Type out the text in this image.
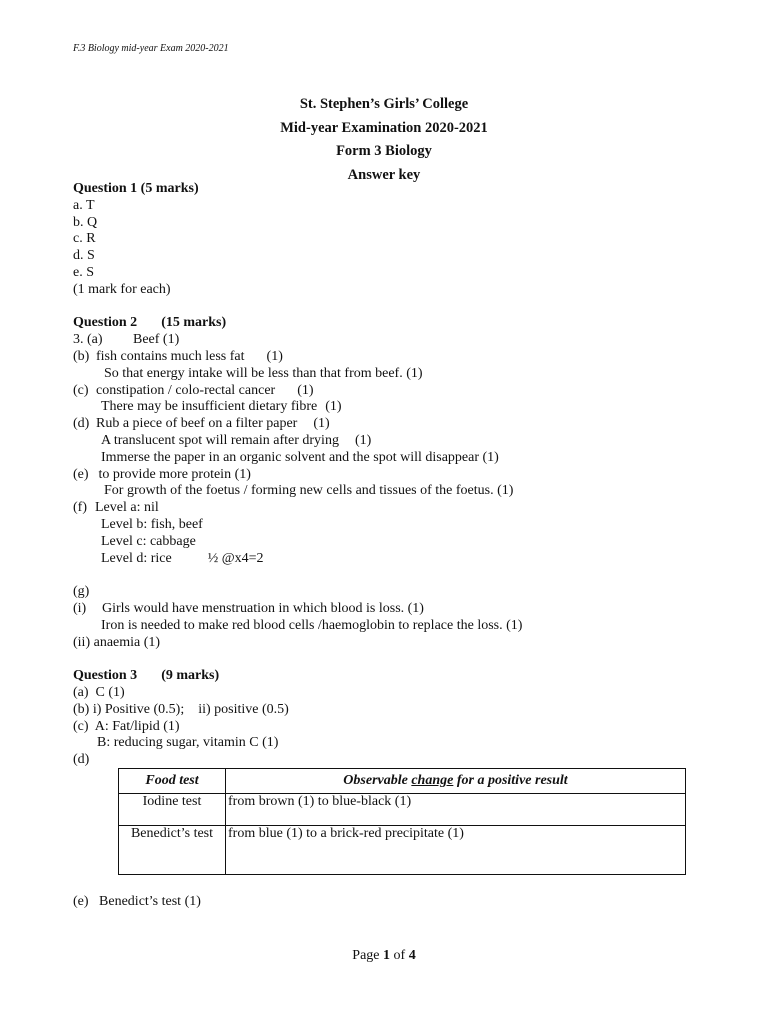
F.3 Biology mid-year Exam 2020-2021
St. Stephen’s Girls’ College
Mid-year Examination 2020-2021
Form 3 Biology
Answer key
Question 1 (5 marks)
a. T
b. Q
c. R
d. S
e. S
(1 mark for each)
Question 2 (15 marks)
3. (a) Beef (1)
(b) fish contains much less fat (1)
So that energy intake will be less than that from beef. (1)
(c) constipation / colo-rectal cancer (1)
There may be insufficient dietary fibre (1)
(d) Rub a piece of beef on a filter paper (1)
A translucent spot will remain after drying (1)
Immerse the paper in an organic solvent and the spot will disappear (1)
(e) to provide more protein (1)
For growth of the foetus / forming new cells and tissues of the foetus. (1)
(f) Level a: nil
Level b: fish, beef
Level c: cabbage
Level d: rice	½ @x4=2
(g)
(i) Girls would have menstruation in which blood is loss. (1)
Iron is needed to make red blood cells /haemoglobin to replace the loss. (1)
(ii) anaemia (1)
Question 3 (9 marks)
(a)  C (1)
(b) i) Positive (0.5);    ii) positive (0.5)
(c)  A: Fat/lipid (1)
B: reducing sugar, vitamin C (1)
(d)
Food test	Observable change for a positive result
Iodine test	from brown (1) to blue-black (1)
Benedict’s test	from blue (1) to a brick-red precipitate (1)
(e)   Benedict’s test (1)
Page 1 of 4
